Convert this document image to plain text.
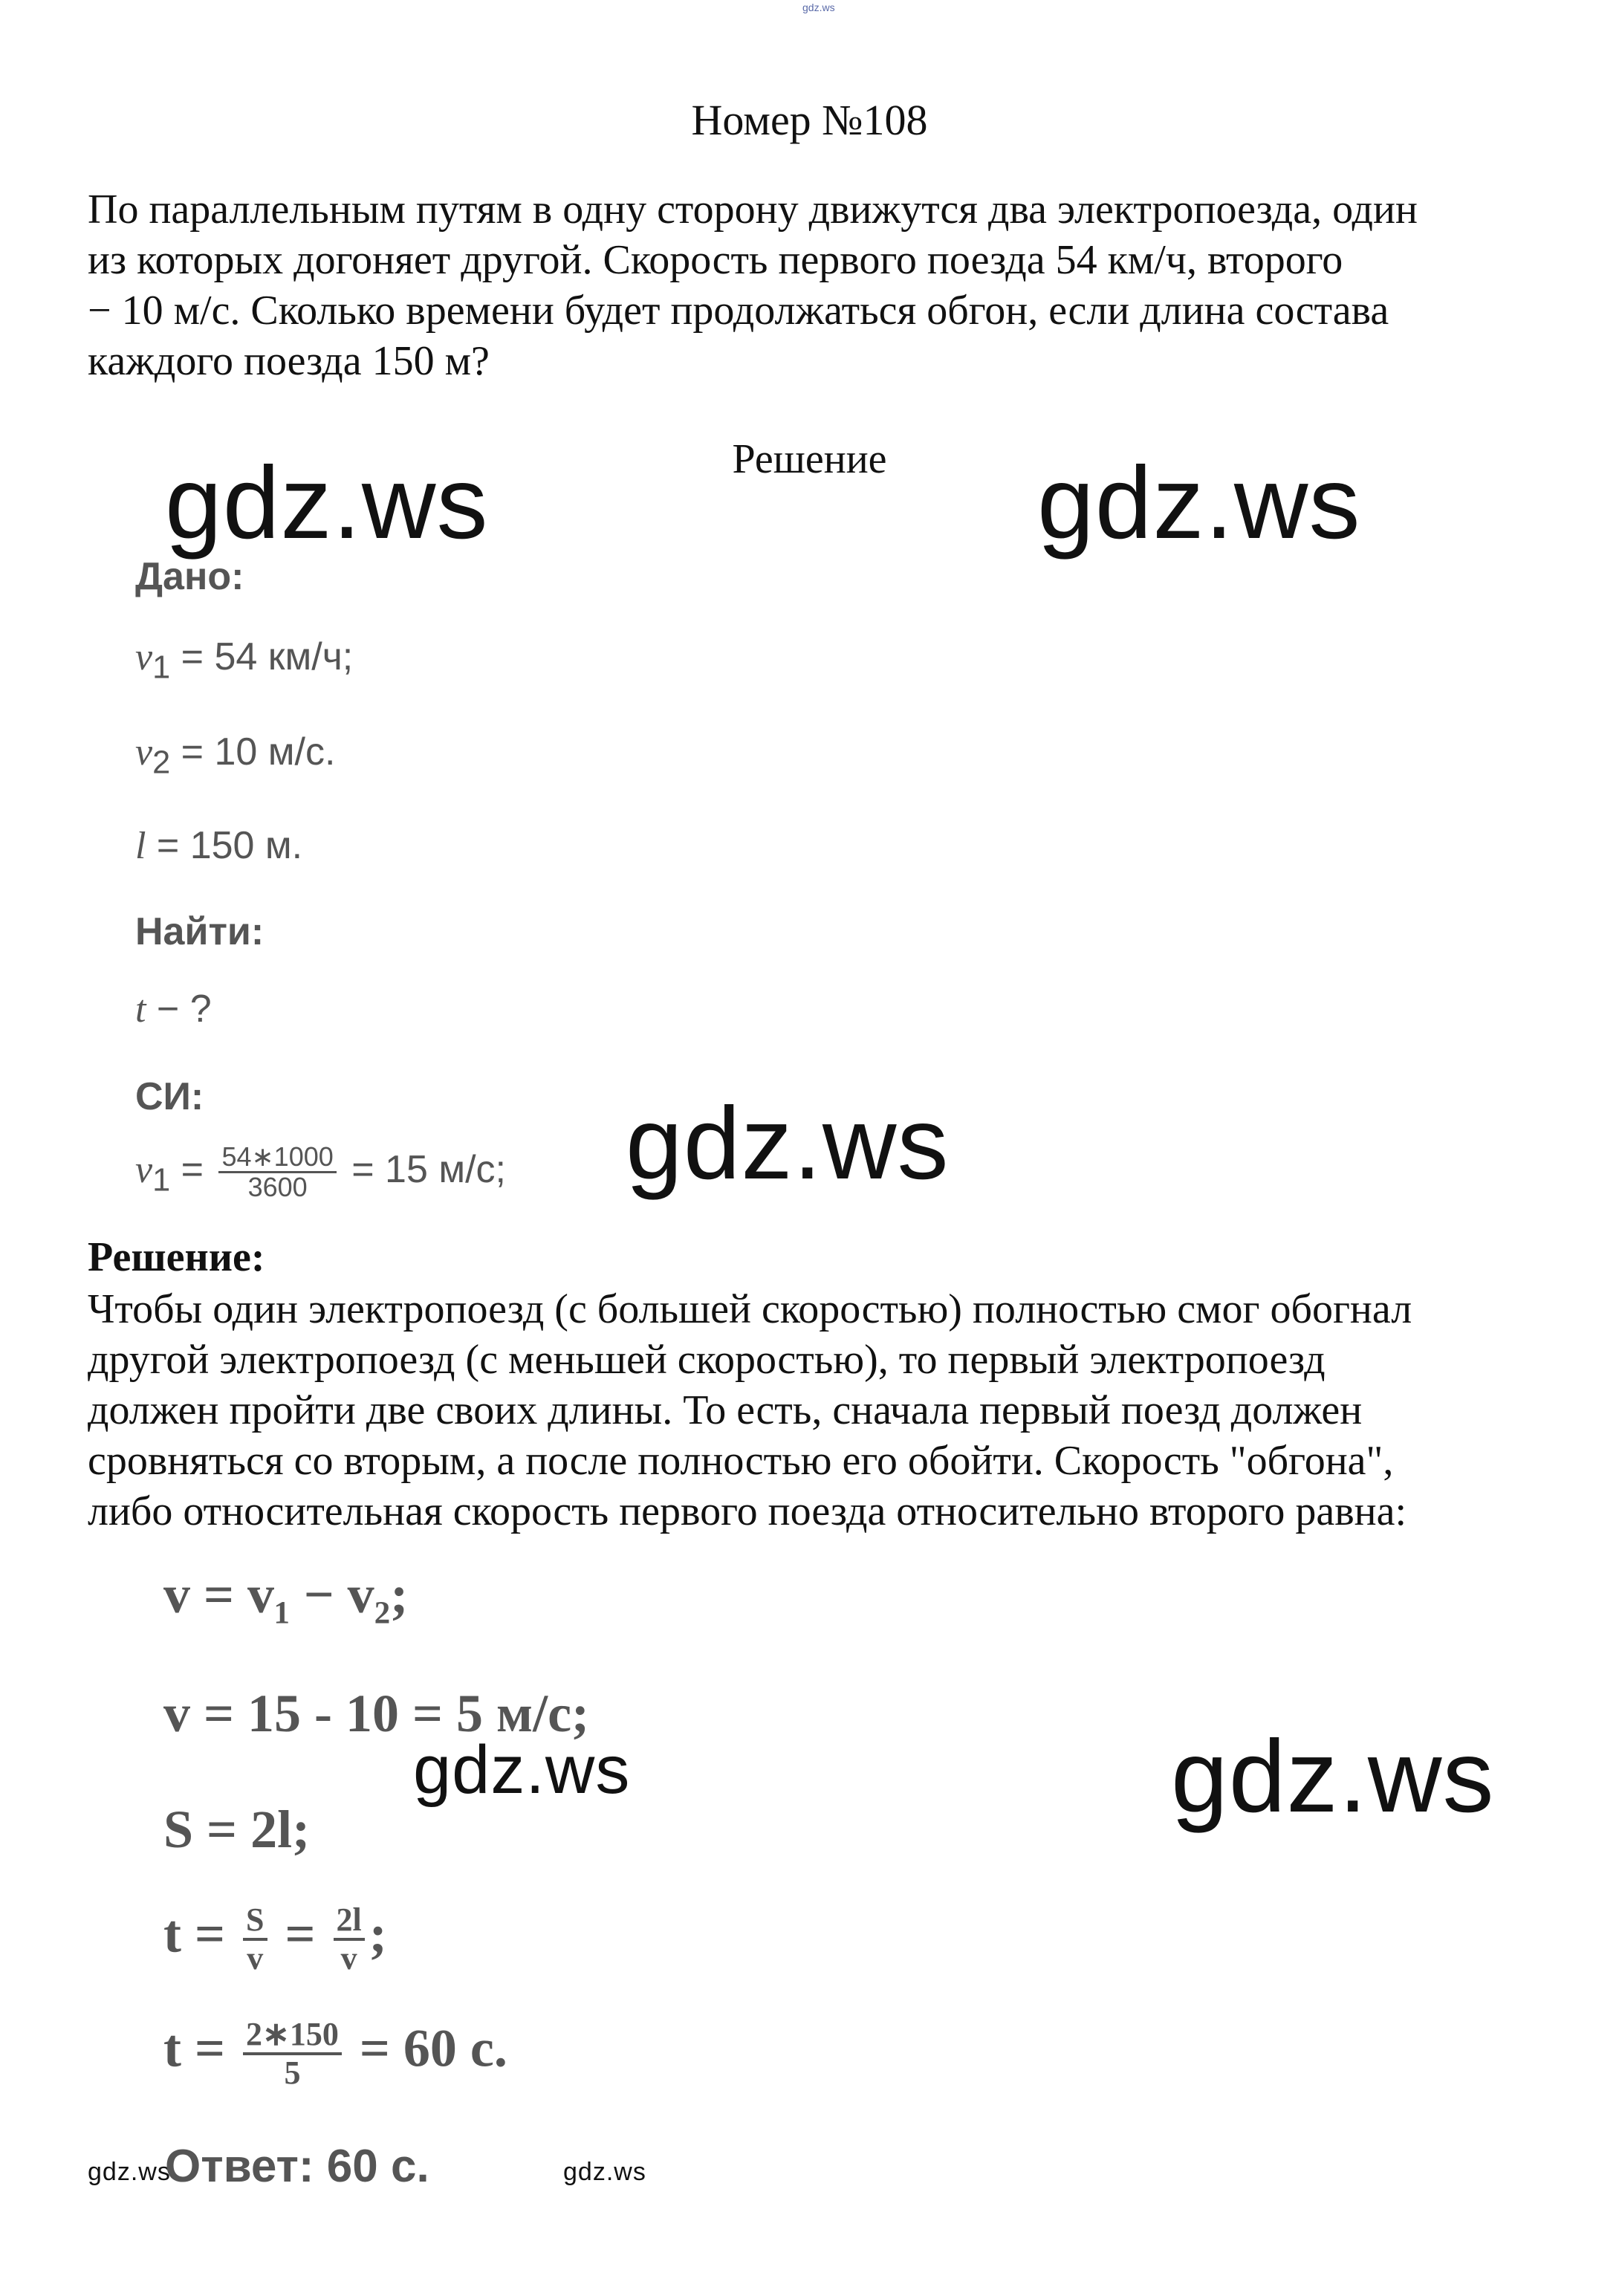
gdz.ws
Номер №108
По параллельным путям в одну сторону движутся два электропоезда, один
из которых догоняет другой. Скорость первого поезда 54 км/ч, второго
− 10 м/с. Сколько времени будет продолжаться обгон, если длина состава
каждого поезда 150 м?
Решение
gdz.ws	gdz.ws
gdz.ws
gdz.ws	gdz.ws
gdz.ws	gdz.ws
Дано:
$v_1 = 54$ км/ч;
$v_2 = 10$ м/с.
l = 150 м.
Найти:
t − ?
СИ:
$v_1 = \frac{54∗1000}{3600} = 15$ м/с;
Решение:
Чтобы один электропоезд (с большей скоростью) полностью смог обогнал
другой электропоезд (с меньшей скоростью), то первый электропоезд
должен пройти две своих длины. То есть, сначала первый поезд должен
сровняться со вторым, а после полностью его обойти. Скорость "обгона",
либо относительная скорость первого поезда относительно второго равна:
v = v₁ − v₂;
v = 15 - 10 = 5 м/с;
S = 2l;
$t = \frac{S}{v} = \frac{2l}{v}$ ;
$t = \frac{2∗150}{5} = 60$ с.
Ответ: 60 с.
